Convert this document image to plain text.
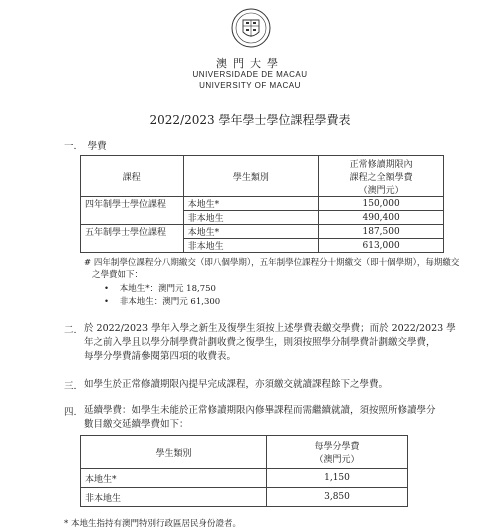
澳門大學
UNIVERSIDADE DE MACAU
UNIVERSITY OF MACAU
2022/2023 學年學士學位課程學費表
一. 學費
課程	學生類別	正常修讀期限內
課程之全額學費
（澳門元）

四年制學士學位課程	本地生*	150,000
	非本地生	490,400
五年制學士學位課程	本地生*	187,500
	非本地生	613,000
# 四年制學位課程分八期繳交（即八個學期），五年制學位課程分十期繳交（即十個學期），每期繳交
之學費如下：
• 本地生*：澳門元 18,750
• 非本地生：澳門元 61,300
二. 於 2022/2023 學年入學之新生及復學生須按上述學費表繳交學費；而於 2022/2023 學
年之前入學且以學分制學費計劃收費之復學生，則須按照學分制學費計劃繳交學費，
每學分學費請參閱第四項的收費表。
三. 如學生於正常修讀期限內提早完成課程，亦須繳交就讀課程餘下之學費。
四. 延續學費：如學生未能於正常修讀期限內修畢課程而需繼續就讀，須按照所修讀學分
數目繳交延續學費如下：
學生類別	每學分學費
（澳門元）

本地生*	1,150
非本地生	3,850
* 本地生指持有澳門特別行政區居民身份證者。
